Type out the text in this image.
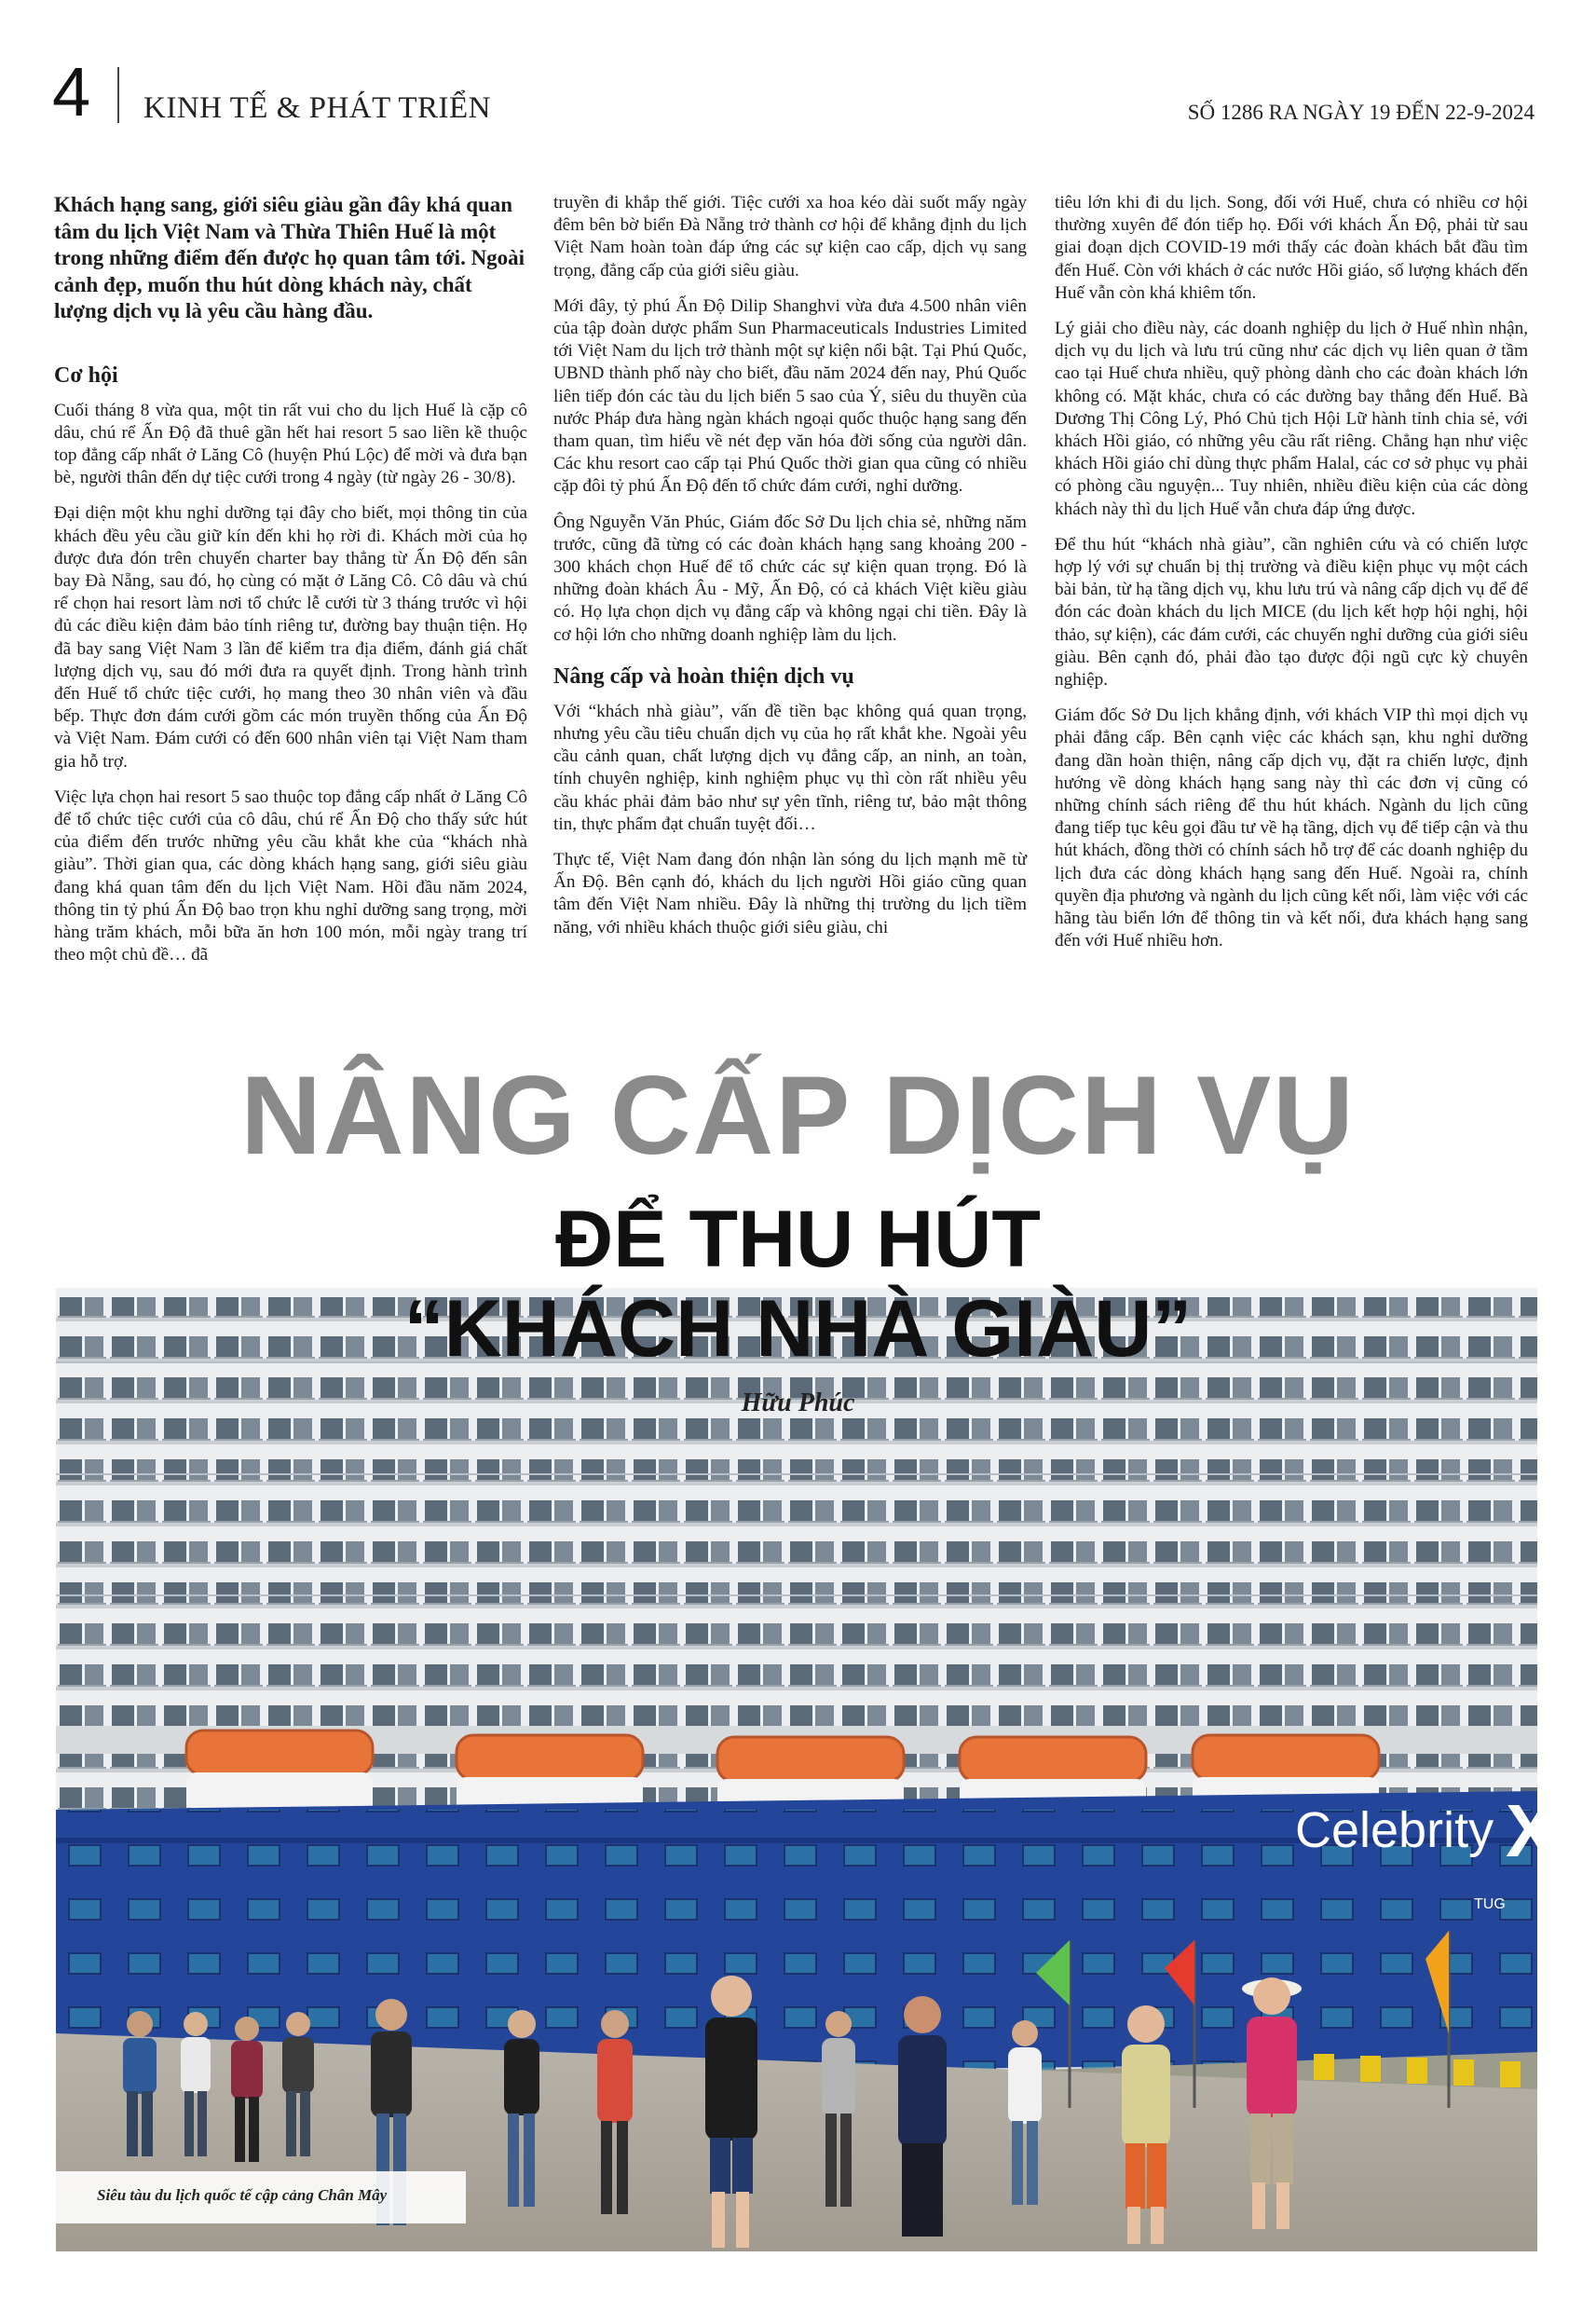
4 KINH TẾ & PHÁT TRIỂN	SỐ 1286 RA NGÀY 19 ĐẾN 22-9-2024

Khách hạng sang, giới siêu giàu gần đây khá quan tâm du lịch Việt Nam và Thừa Thiên Huế là một trong những điểm đến được họ quan tâm tới. Ngoài cảnh đẹp, muốn thu hút dòng khách này, chất lượng dịch vụ là yêu cầu hàng đầu.

Cơ hội

Cuối tháng 8 vừa qua, một tin rất vui cho du lịch Huế là cặp cô dâu, chú rể Ấn Độ đã thuê gần hết hai resort 5 sao liền kề thuộc top đẳng cấp nhất ở Lăng Cô (huyện Phú Lộc) để mời và đưa bạn bè, người thân đến dự tiệc cưới trong 4 ngày (từ ngày 26 - 30/8).

Đại diện một khu nghỉ dưỡng tại đây cho biết, mọi thông tin của khách đều yêu cầu giữ kín đến khi họ rời đi. Khách mời của họ được đưa đón trên chuyến charter bay thẳng từ Ấn Độ đến sân bay Đà Nẵng, sau đó, họ cùng có mặt ở Lăng Cô. Cô dâu và chú rể chọn hai resort làm nơi tổ chức lễ cưới từ 3 tháng trước vì hội đủ các điều kiện đảm bảo tính riêng tư, đường bay thuận tiện. Họ đã bay sang Việt Nam 3 lần để kiểm tra địa điểm, đánh giá chất lượng dịch vụ, sau đó mới đưa ra quyết định. Trong hành trình đến Huế tổ chức tiệc cưới, họ mang theo 30 nhân viên và đầu bếp. Thực đơn đám cưới gồm các món truyền thống của Ấn Độ và Việt Nam. Đám cưới có đến 600 nhân viên tại Việt Nam tham gia hỗ trợ.

Việc lựa chọn hai resort 5 sao thuộc top đẳng cấp nhất ở Lăng Cô để tổ chức tiệc cưới của cô dâu, chú rể Ấn Độ cho thấy sức hút của điểm đến trước những yêu cầu khắt khe của “khách nhà giàu”. Thời gian qua, các dòng khách hạng sang, giới siêu giàu đang khá quan tâm đến du lịch Việt Nam. Hồi đầu năm 2024, thông tin tỷ phú Ấn Độ bao trọn khu nghỉ dưỡng sang trọng, mời hàng trăm khách, mỗi bữa ăn hơn 100 món, mỗi ngày trang trí theo một chủ đề… đã

truyền đi khắp thế giới. Tiệc cưới xa hoa kéo dài suốt mấy ngày đêm bên bờ biển Đà Nẵng trở thành cơ hội để khẳng định du lịch Việt Nam hoàn toàn đáp ứng các sự kiện cao cấp, dịch vụ sang trọng, đẳng cấp của giới siêu giàu.

Mới đây, tỷ phú Ấn Độ Dilip Shanghvi vừa đưa 4.500 nhân viên của tập đoàn dược phẩm Sun Pharmaceuticals Industries Limited tới Việt Nam du lịch trở thành một sự kiện nổi bật. Tại Phú Quốc, UBND thành phố này cho biết, đầu năm 2024 đến nay, Phú Quốc liên tiếp đón các tàu du lịch biển 5 sao của Ý, siêu du thuyền của nước Pháp đưa hàng ngàn khách ngoại quốc thuộc hạng sang đến tham quan, tìm hiểu về nét đẹp văn hóa đời sống của người dân. Các khu resort cao cấp tại Phú Quốc thời gian qua cũng có nhiều cặp đôi tỷ phú Ấn Độ đến tổ chức đám cưới, nghỉ dưỡng.

Ông Nguyễn Văn Phúc, Giám đốc Sở Du lịch chia sẻ, những năm trước, cũng đã từng có các đoàn khách hạng sang khoảng 200 - 300 khách chọn Huế để tổ chức các sự kiện quan trọng. Đó là những đoàn khách Âu - Mỹ, Ấn Độ, có cả khách Việt kiều giàu có. Họ lựa chọn dịch vụ đẳng cấp và không ngại chi tiền. Đây là cơ hội lớn cho những doanh nghiệp làm du lịch.

Nâng cấp và hoàn thiện dịch vụ

Với “khách nhà giàu”, vấn đề tiền bạc không quá quan trọng, nhưng yêu cầu tiêu chuẩn dịch vụ của họ rất khắt khe. Ngoài yêu cầu cảnh quan, chất lượng dịch vụ đẳng cấp, an ninh, an toàn, tính chuyên nghiệp, kinh nghiệm phục vụ thì còn rất nhiều yêu cầu khác phải đảm bảo như sự yên tĩnh, riêng tư, bảo mật thông tin, thực phẩm đạt chuẩn tuyệt đối…

Thực tế, Việt Nam đang đón nhận làn sóng du lịch mạnh mẽ từ Ấn Độ. Bên cạnh đó, khách du lịch người Hồi giáo cũng quan tâm đến Việt Nam nhiều. Đây là những thị trường du lịch tiềm năng, với nhiều khách thuộc giới siêu giàu, chi

tiêu lớn khi đi du lịch. Song, đối với Huế, chưa có nhiều cơ hội thường xuyên để đón tiếp họ. Đối với khách Ấn Độ, phải từ sau giai đoạn dịch COVID-19 mới thấy các đoàn khách bắt đầu tìm đến Huế. Còn với khách ở các nước Hồi giáo, số lượng khách đến Huế vẫn còn khá khiêm tốn.

Lý giải cho điều này, các doanh nghiệp du lịch ở Huế nhìn nhận, dịch vụ du lịch và lưu trú cũng như các dịch vụ liên quan ở tầm cao tại Huế chưa nhiều, quỹ phòng dành cho các đoàn khách lớn không có. Mặt khác, chưa có các đường bay thẳng đến Huế. Bà Dương Thị Công Lý, Phó Chủ tịch Hội Lữ hành tỉnh chia sẻ, với khách Hồi giáo, có những yêu cầu rất riêng. Chẳng hạn như việc khách Hồi giáo chỉ dùng thực phẩm Halal, các cơ sở phục vụ phải có phòng cầu nguyện... Tuy nhiên, nhiều điều kiện của các dòng khách này thì du lịch Huế vẫn chưa đáp ứng được.

Để thu hút “khách nhà giàu”, cần nghiên cứu và có chiến lược hợp lý với sự chuẩn bị thị trường và điều kiện phục vụ một cách bài bản, từ hạ tầng dịch vụ, khu lưu trú và nâng cấp dịch vụ để để đón các đoàn khách du lịch MICE (du lịch kết hợp hội nghị, hội thảo, sự kiện), các đám cưới, các chuyến nghỉ dưỡng của giới siêu giàu. Bên cạnh đó, phải đào tạo được đội ngũ cực kỳ chuyên nghiệp.

Giám đốc Sở Du lịch khẳng định, với khách VIP thì mọi dịch vụ phải đẳng cấp. Bên cạnh việc các khách sạn, khu nghỉ dưỡng đang dần hoàn thiện, nâng cấp dịch vụ, đặt ra chiến lược, định hướng về dòng khách hạng sang này thì các đơn vị cũng có những chính sách riêng để thu hút khách. Ngành du lịch cũng đang tiếp tục kêu gọi đầu tư về hạ tầng, dịch vụ để tiếp cận và thu hút khách, đồng thời có chính sách hỗ trợ để các doanh nghiệp du lịch đưa các dòng khách hạng sang đến Huế. Ngoài ra, chính quyền địa phương và ngành du lịch cũng kết nối, làm việc với các hãng tàu biển lớn để thông tin và kết nối, đưa khách hạng sang đến với Huế nhiều hơn.

NÂNG CẤP DỊCH VỤ
Celebrity X
TUG
ĐỂ THU HÚT
“KHÁCH NHÀ GIÀU”
Hữu Phúc
Siêu tàu du lịch quốc tế cập cảng Chân Mây
